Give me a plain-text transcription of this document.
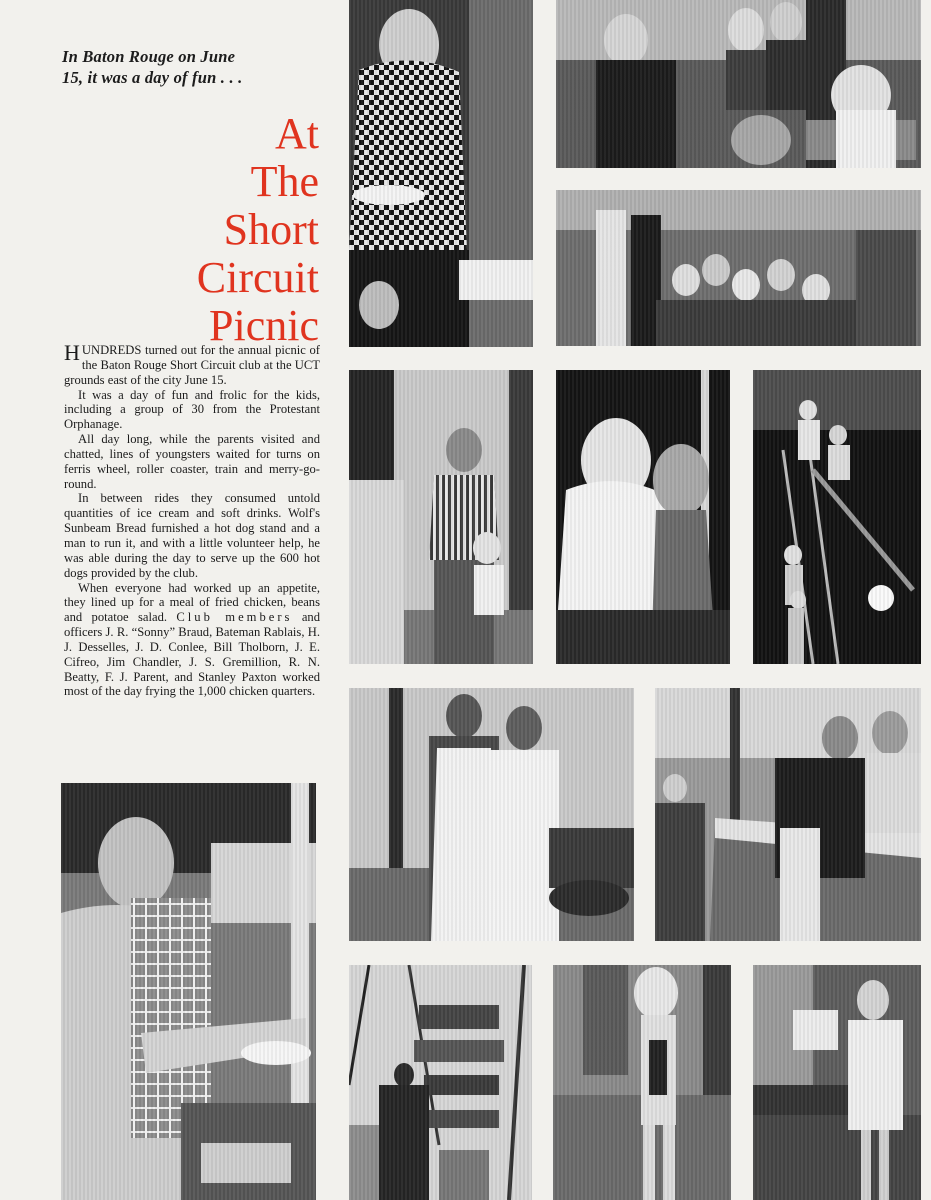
In Baton Rouge on June
15, it was a day of fun . . .
At
The
Short
Circuit
Picnic

HUNDREDS turned out for the annual picnic of the Baton Rouge Short Circuit club at the UCT grounds east of the city June 15.

It was a day of fun and frolic for the kids, including a group of 30 from the Protestant Orphanage.

All day long, while the parents visited and chatted, lines of youngsters waited for turns on ferris wheel, roller coaster, train and merry-go-round.

In between rides they consumed untold quantities of ice cream and soft drinks. Wolf's Sunbeam Bread furnished a hot dog stand and a man to run it, and with a little volunteer help, he was able during the day to serve up the 600 hot dogs provided by the club.

When everyone had worked up an appetite, they lined up for a meal of fried chicken, beans and potatoe salad. Club members and officers J. R. “Sonny” Braud, Bateman Rablais, H. J. Desselles, J. D. Conlee, Bill Tholborn, J. E. Cifreo, Jim Chandler, J. S. Gremillion, R. N. Beatty, F. J. Parent, and Stanley Paxton worked most of the day frying the 1,000 chicken quarters.
